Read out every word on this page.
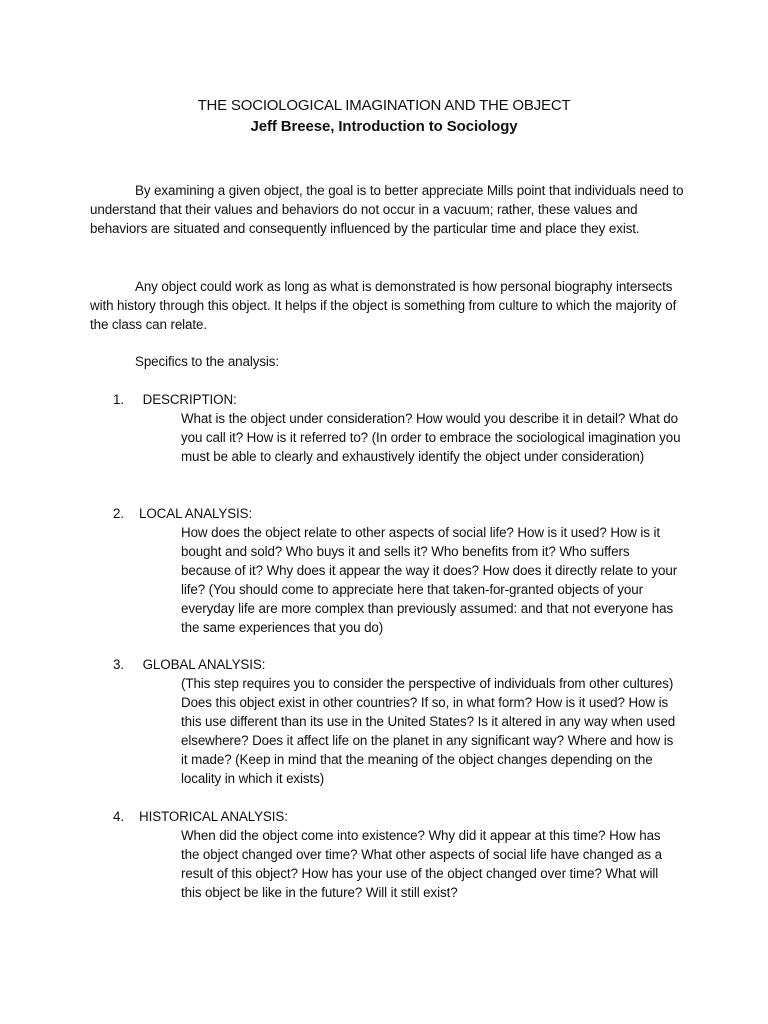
THE SOCIOLOGICAL IMAGINATION AND THE OBJECT
Jeff Breese, Introduction to Sociology
By examining a given object, the goal is to better appreciate Mills point that individuals need to understand that their values and behaviors do not occur in a vacuum; rather, these values and behaviors are situated and consequently influenced by the particular time and place they exist.
Any object could work as long as what is demonstrated is how personal biography intersects with history through this object. It helps if the object is something from culture to which the majority of the class can relate.
Specifics to the analysis:
1. DESCRIPTION:
What is the object under consideration? How would you describe it in detail? What do you call it? How is it referred to? (In order to embrace the sociological imagination you must be able to clearly and exhaustively identify the object under consideration)
2. LOCAL ANALYSIS:
How does the object relate to other aspects of social life? How is it used? How is it bought and sold? Who buys it and sells it? Who benefits from it? Who suffers because of it? Why does it appear the way it does? How does it directly relate to your life? (You should come to appreciate here that taken-for-granted objects of your everyday life are more complex than previously assumed: and that not everyone has the same experiences that you do)
3. GLOBAL ANALYSIS:
(This step requires you to consider the perspective of individuals from other cultures) Does this object exist in other countries? If so, in what form? How is it used? How is this use different than its use in the United States? Is it altered in any way when used elsewhere? Does it affect life on the planet in any significant way? Where and how is it made? (Keep in mind that the meaning of the object changes depending on the locality in which it exists)
4. HISTORICAL ANALYSIS:
When did the object come into existence? Why did it appear at this time? How has the object changed over time? What other aspects of social life have changed as a result of this object? How has your use of the object changed over time? What will this object be like in the future? Will it still exist?
